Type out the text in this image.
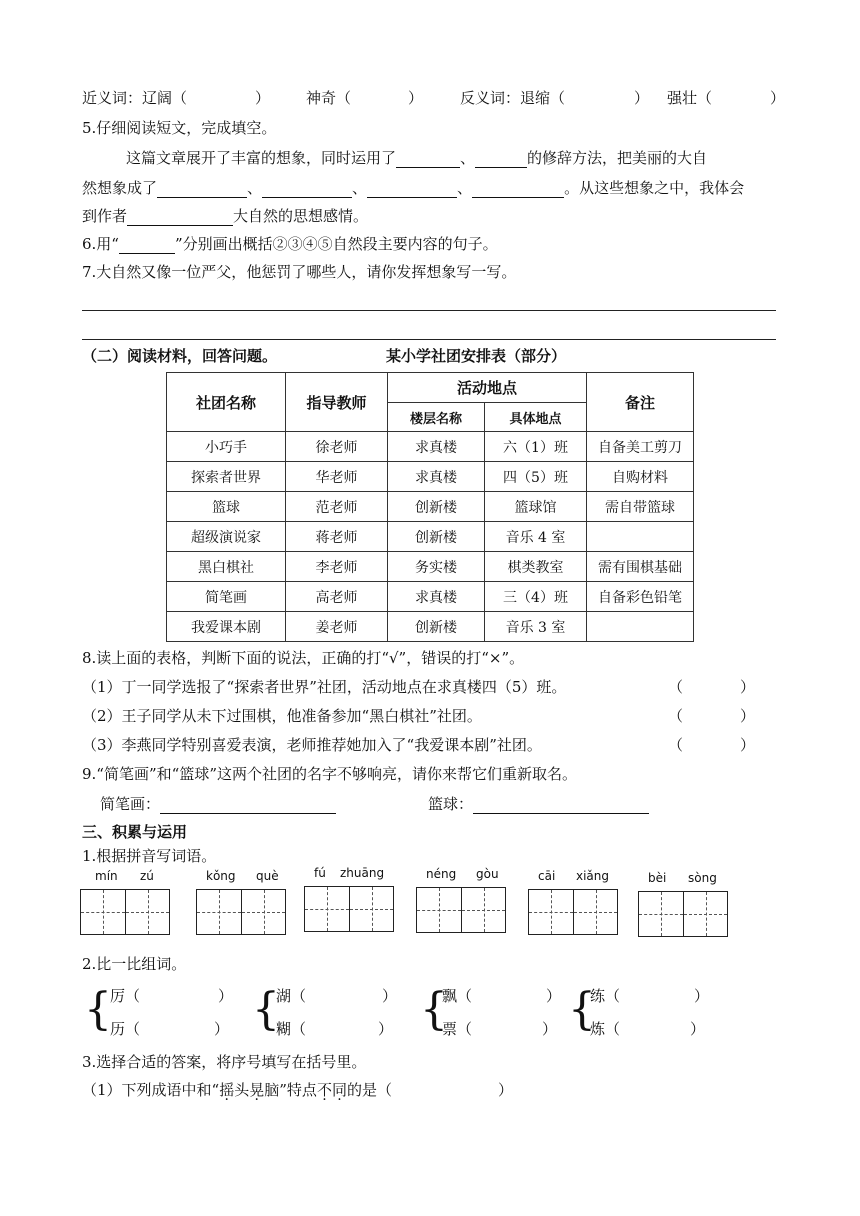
近义词：辽阔（	） 神奇（	） 反义词：退缩（	） 强壮（	）
5.仔细阅读短文，完成填空。
这篇文章展开了丰富的想象，同时运用了	、	的修辞方法，把美丽的大自
然想象成了	、	、	、	。从这些想象之中，我体会
到作者	大自然的思想感情。
6.用“	”分别画出概括②③④⑤自然段主要内容的句子。
7.大自然又像一位严父，他惩罚了哪些人，请你发挥想象写一写。
（二）阅读材料，回答问题。	某小学社团安排表（部分）
社团名称	指导教师	活动地点		备注
		楼层名称	具体地点	
小巧手	徐老师	求真楼	六（1）班	自备美工剪刀
探索者世界	华老师	求真楼	四（5）班	自购材料
篮球	范老师	创新楼	篮球馆	需自带篮球
超级演说家	蒋老师	创新楼	音乐 4 室	
黑白棋社	李老师	务实楼	棋类教室	需有围棋基础
简笔画	高老师	求真楼	三（4）班	自备彩色铅笔
我爱课本剧	姜老师	创新楼	音乐 3 室	
8.读上面的表格，判断下面的说法，正确的打“√”，错误的打“×”。
（1）丁一同学选报了“探索者世界”社团，活动地点在求真楼四（5）班。	（	）
（2）王子同学从未下过围棋，他准备参加“黑白棋社”社团。	（	）
（3）李燕同学特别喜爱表演，老师推荐她加入了“我爱课本剧”社团。	（	）
9.“简笔画”和“篮球”这两个社团的名字不够响亮，请你来帮它们重新取名。
简笔画：	篮球：
三、积累与运用
1.根据拼音写词语。
mín zú	kǒng què	fú zhuāng	néng gòu	cāi xiǎng	bèi sòng
2.比一比组词。
{
厉（	）
历（	） {
湖（	）
糊（	） {
飘（	）
票（	） {
练（	）
炼（	）
3.选择合适的答案，将序号填写在括号里。
（1）下列成语中和“摇头晃脑”特点不同的是（	）
